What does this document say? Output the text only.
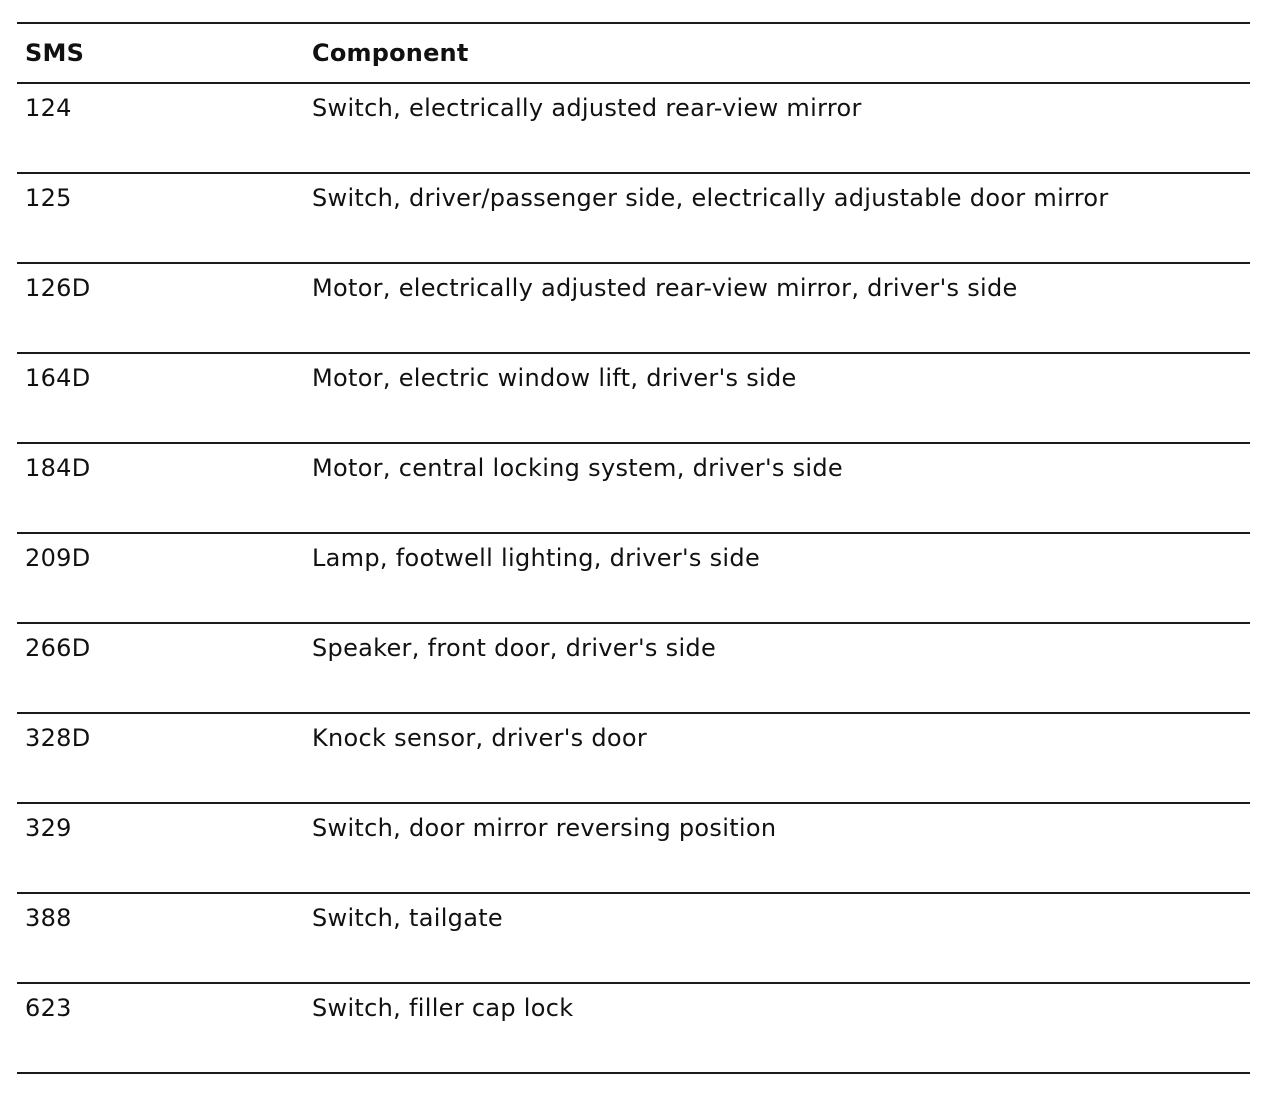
SMS	Component
124	Switch, electrically adjusted rear-view mirror
125	Switch, driver/passenger side, electrically adjustable door mirror
126D	Motor, electrically adjusted rear-view mirror, driver's side
164D	Motor, electric window lift, driver's side
184D	Motor, central locking system, driver's side
209D	Lamp, footwell lighting, driver's side
266D	Speaker, front door, driver's side
328D	Knock sensor, driver's door
329	Switch, door mirror reversing position
388	Switch, tailgate
623	Switch, filler cap lock
